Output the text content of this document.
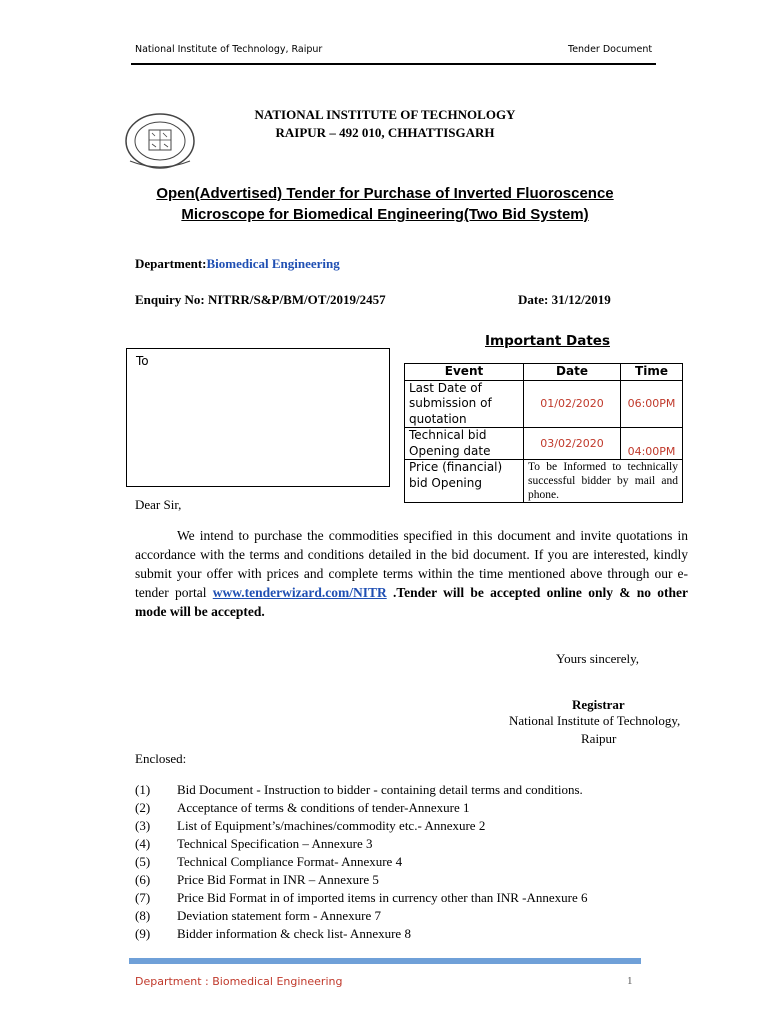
National Institute of Technology, Raipur	Tender Document
NATIONAL INSTITUTE OF TECHNOLOGY
RAIPUR – 492 010, CHHATTISGARH
Open(Advertised) Tender for Purchase of Inverted Fluoroscence
Microscope for Biomedical Engineering(Two Bid System)
Department:Biomedical Engineering
Enquiry No: NITRR/S&P/BM/OT/2019/2457	Date: 31/12/2019
Important Dates
To
Event	Date	Time
Last Date of submission of quotation	01/02/2020	06:00PM
Technical bid Opening date	03/02/2020	04:00PM
Price (financial) bid Opening	To be Informed to technically successful bidder by mail and phone.	
Dear Sir,
We intend to purchase the commodities specified in this document and invite quotations in accordance with the terms and conditions detailed in the bid document. If you are interested, kindly submit your offer with prices and complete terms within the time mentioned above through our e-tender portal www.tenderwizard.com/NITR .Tender will be accepted online only & no other mode will be accepted.
Yours sincerely,
Registrar
National Institute of Technology,
Raipur
Enclosed:
(1) Bid Document - Instruction to bidder - containing detail terms and conditions.
(2) Acceptance of terms & conditions of tender-Annexure 1
(3) List of Equipment’s/machines/commodity etc.- Annexure 2
(4) Technical Specification – Annexure 3
(5) Technical Compliance Format- Annexure 4
(6) Price Bid Format in INR – Annexure 5
(7) Price Bid Format in of imported items in currency other than INR -Annexure 6
(8) Deviation statement form - Annexure 7
(9) Bidder information & check list- Annexure 8
Department : Biomedical Engineering	1
